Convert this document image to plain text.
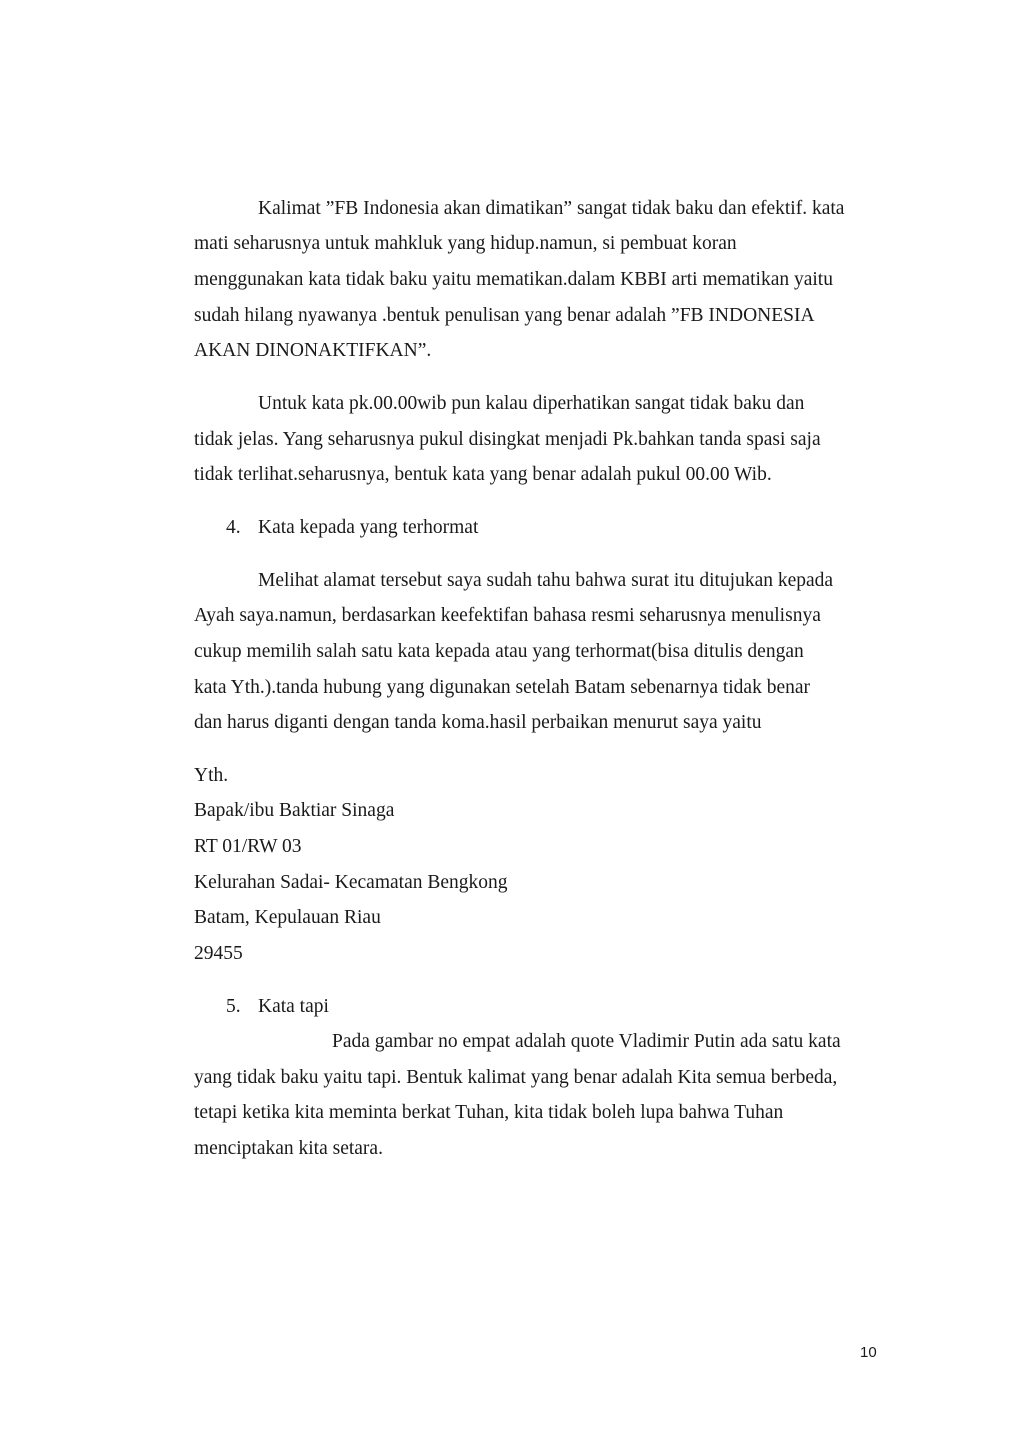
Kalimat ”FB Indonesia akan dimatikan” sangat tidak baku dan efektif. kata
mati seharusnya untuk mahkluk yang hidup.namun, si pembuat koran
menggunakan kata tidak baku yaitu mematikan.dalam KBBI arti mematikan yaitu
sudah hilang nyawanya .bentuk penulisan yang benar adalah ”FB INDONESIA
AKAN DINONAKTIFKAN”.
Untuk kata pk.00.00wib pun kalau diperhatikan sangat tidak baku dan
tidak jelas. Yang seharusnya pukul disingkat menjadi Pk.bahkan tanda spasi saja
tidak terlihat.seharusnya, bentuk kata yang benar adalah pukul 00.00 Wib.
4. Kata kepada yang terhormat
Melihat alamat tersebut saya sudah tahu bahwa surat itu ditujukan kepada
Ayah saya.namun, berdasarkan keefektifan bahasa resmi seharusnya menulisnya
cukup memilih salah satu kata kepada atau yang terhormat(bisa ditulis dengan
kata Yth.).tanda hubung yang digunakan setelah Batam sebenarnya tidak benar
dan harus diganti dengan tanda koma.hasil perbaikan menurut saya yaitu
Yth.
Bapak/ibu Baktiar Sinaga
RT 01/RW 03
Kelurahan Sadai- Kecamatan Bengkong
Batam, Kepulauan Riau
29455
5. Kata tapi
Pada gambar no empat adalah quote Vladimir Putin ada satu kata
yang tidak baku yaitu tapi. Bentuk kalimat yang benar adalah Kita semua berbeda,
tetapi ketika kita meminta berkat Tuhan, kita tidak boleh lupa bahwa Tuhan
menciptakan kita setara.
10
